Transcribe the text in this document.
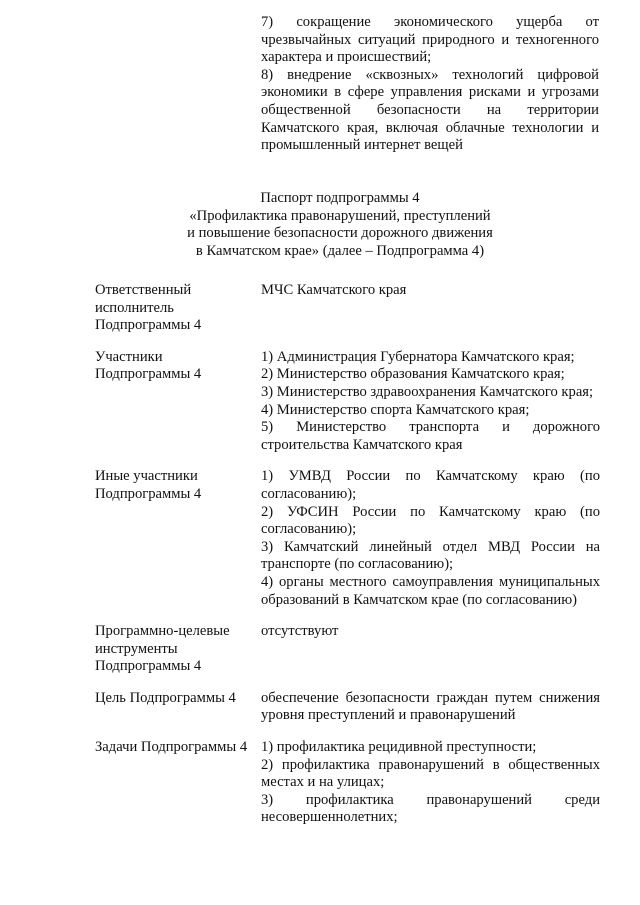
7) сокращение экономического ущерба от чрезвычайных ситуаций природного и техногенного характера и происшествий;

8) внедрение «сквозных» технологий цифровой экономики в сфере управления рисками и угрозами общественной безопасности на территории Камчатского края, включая облачные технологии и промышленный интернет вещей

Паспорт подпрограммы 4
«Профилактика правонарушений, преступлений
и повышение безопасности дорожного движения
в Камчатском крае» (далее – Подпрограмма 4)
Ответственный
исполнитель
Подпрограммы 4

МЧС Камчатского края

Участники
Подпрограммы 4

1) Администрация Губернатора Камчатского края;

2) Министерство образования Камчатского края;

3) Министерство здравоохранения Камчатского края;

4) Министерство спорта Камчатского края;

5) Министерство транспорта и дорожного строительства Камчатского края

Иные участники
Подпрограммы 4

1) УМВД России по Камчатскому краю (по согласованию);

2) УФСИН России по Камчатскому краю (по согласованию);

3) Камчатский линейный отдел МВД России на транспорте (по согласованию);

4) органы местного самоуправления муниципальных образований в Камчатском крае (по согласованию)

Программно-целевые
инструменты
Подпрограммы 4

отсутствуют

Цель Подпрограммы 4	обеспечение безопасности граждан путем снижения уровня преступлений и правонарушений

Задачи Подпрограммы 4 1) профилактика рецидивной преступности;

2) профилактика правонарушений в общественных местах и на улицах;

3) профилактика правонарушений среди несовершеннолетних;
